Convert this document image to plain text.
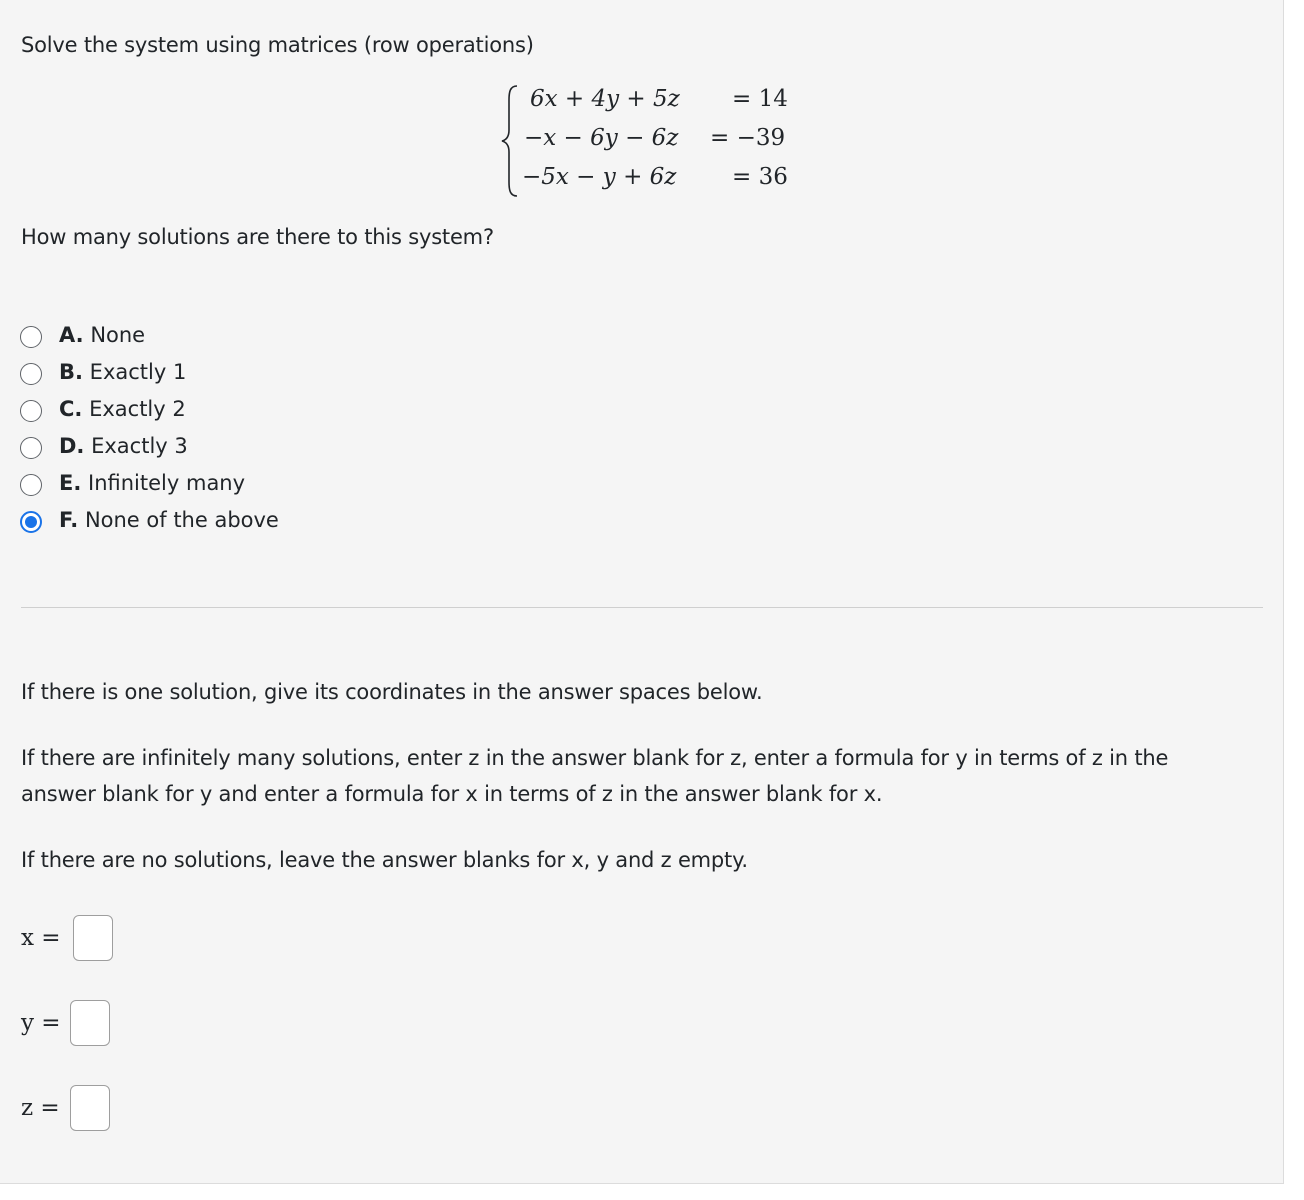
Solve the system using matrices (row operations)
6x + 4y + 5z = 14
−x − 6y − 6z = −39
−5x − y + 6z = 36
How many solutions are there to this system?
A. None
B. Exactly 1
C. Exactly 2
D. Exactly 3
E. Infinitely many
F. None of the above
If there is one solution, give its coordinates in the answer spaces below.
If there are infinitely many solutions, enter z in the answer blank for z, enter a formula for y in terms of z in the
answer blank for y and enter a formula for x in terms of z in the answer blank for x.
If there are no solutions, leave the answer blanks for x, y and z empty.
x =
y =
z =
